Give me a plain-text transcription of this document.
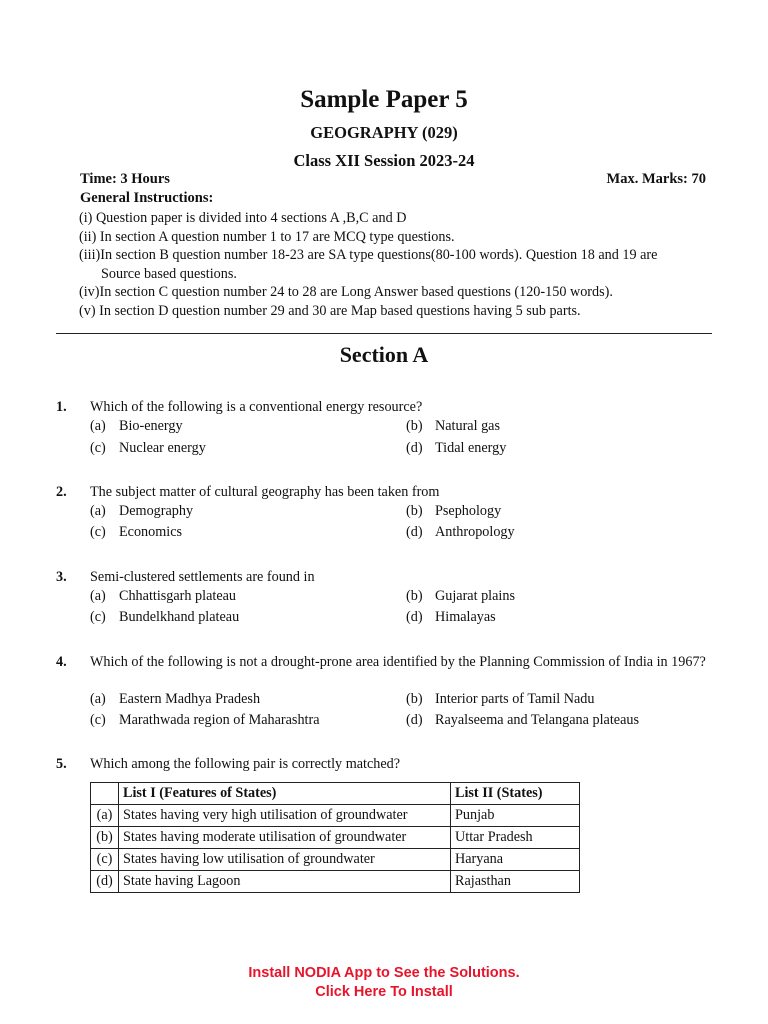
Sample Paper 5
GEOGRAPHY (029)
Class XII Session 2023-24
Time: 3 Hours	Max. Marks: 70
General Instructions:
(i) Question paper is divided into 4 sections A ,B,C and D
(ii) In section A question number 1 to 17 are MCQ type questions.
(iii)In section B question number 18-23 are SA type questions(80-100 words). Question 18 and 19 are
Source based questions.
(iv)In section C question number 24 to 28 are Long Answer based questions (120-150 words).
(v) In section D question number 29 and 30 are Map based questions having 5 sub parts.
Section A
1. Which of the following is a conventional energy resource?
(a) Bio-energy	(b) Natural gas
(c) Nuclear energy	(d) Tidal energy
2. The subject matter of cultural geography has been taken from
(a) Demography	(b) Psephology
(c) Economics	(d) Anthropology
3. Semi-clustered settlements are found in
(a) Chhattisgarh plateau	(b) Gujarat plains
(c) Bundelkhand plateau	(d) Himalayas
4. Which of the following is not a drought-prone area identified by the Planning Commission of India in 1967?
(a) Eastern Madhya Pradesh	(b) Interior parts of Tamil Nadu
(c) Marathwada region of Maharashtra	(d) Rayalseema and Telangana plateaus
5. Which among the following pair is correctly matched?
	List I (Features of States)	List II (States)
(a)	States having very high utilisation of groundwater	Punjab
(b)	States having moderate utilisation of groundwater	Uttar Pradesh
(c)	States having low utilisation of groundwater	Haryana
(d)	State having Lagoon	Rajasthan
Install NODIA App to See the Solutions.
Click Here To Install
